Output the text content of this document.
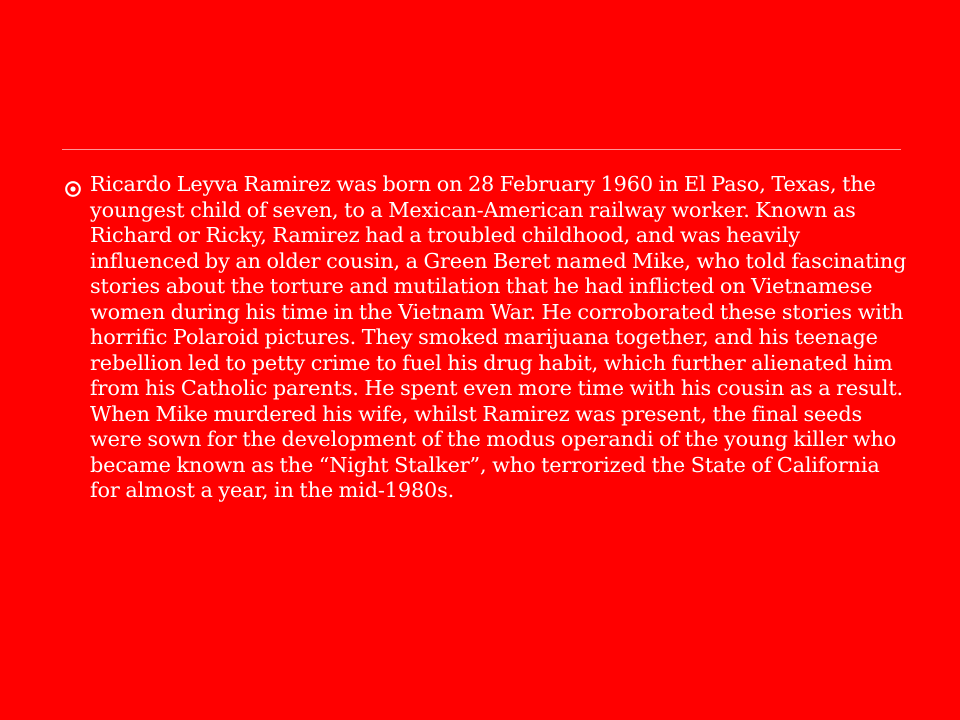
Ricardo Leyva Ramirez was born on 28 February 1960 in El Paso, Texas, the youngest child of seven, to a Mexican-American railway worker. Known as Richard or Ricky, Ramirez had a troubled childhood, and was heavily influenced by an older cousin, a Green Beret named Mike, who told fascinating stories about the torture and mutilation that he had inflicted on Vietnamese women during his time in the Vietnam War. He corroborated these stories with horrific Polaroid pictures. They smoked marijuana together, and his teenage rebellion led to petty crime to fuel his drug habit, which further alienated him from his Catholic parents. He spent even more time with his cousin as a result. When Mike murdered his wife, whilst Ramirez was present, the final seeds were sown for the development of the modus operandi of the young killer who became known as the “Night Stalker”, who terrorized the State of California for almost a year, in the mid-1980s.
